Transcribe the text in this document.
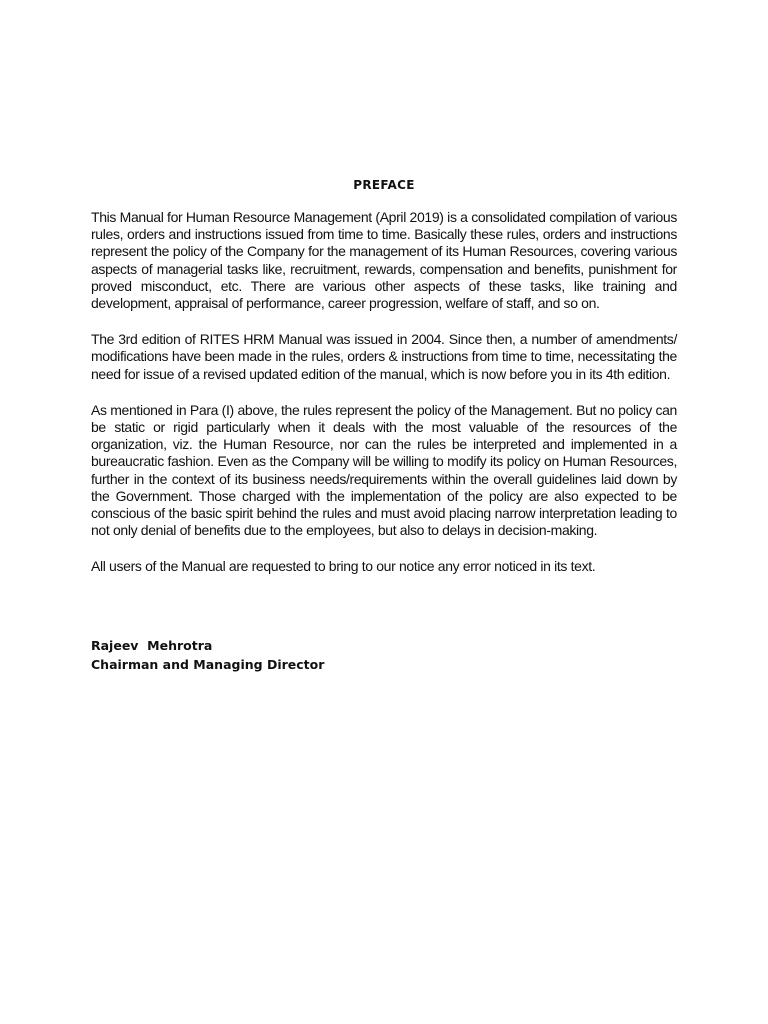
PREFACE

This Manual for Human Resource Management (April 2019) is a consolidated compilation of various rules, orders and instructions issued from time to time. Basically these rules, orders and instructions represent the policy of the Company for the management of its Human Resources, covering various aspects of managerial tasks like, recruitment, rewards, compensation and benefits, punishment for proved misconduct, etc. There are various other aspects of these tasks, like training and development, appraisal of performance, career progression, welfare of staff, and so on.

The 3rd edition of RITES HRM Manual was issued in 2004. Since then, a number of amendments/ modifications have been made in the rules, orders & instructions from time to time, necessitating the need for issue of a revised updated edition of the manual, which is now before you in its 4th edition.

As mentioned in Para (I) above, the rules represent the policy of the Management. But no policy can be static or rigid particularly when it deals with the most valuable of the resources of the organization, viz. the Human Resource, nor can the rules be interpreted and implemented in a bureaucratic fashion. Even as the Company will be willing to modify its policy on Human Resources, further in the context of its business needs/requirements within the overall guidelines laid down by the Government. Those charged with the implementation of the policy are also expected to be conscious of the basic spirit behind the rules and must avoid placing narrow interpretation leading to not only denial of benefits due to the employees, but also to delays in decision-making.

All users of the Manual are requested to bring to our notice any error noticed in its text.

Rajeev  Mehrotra
Chairman and Managing Director
